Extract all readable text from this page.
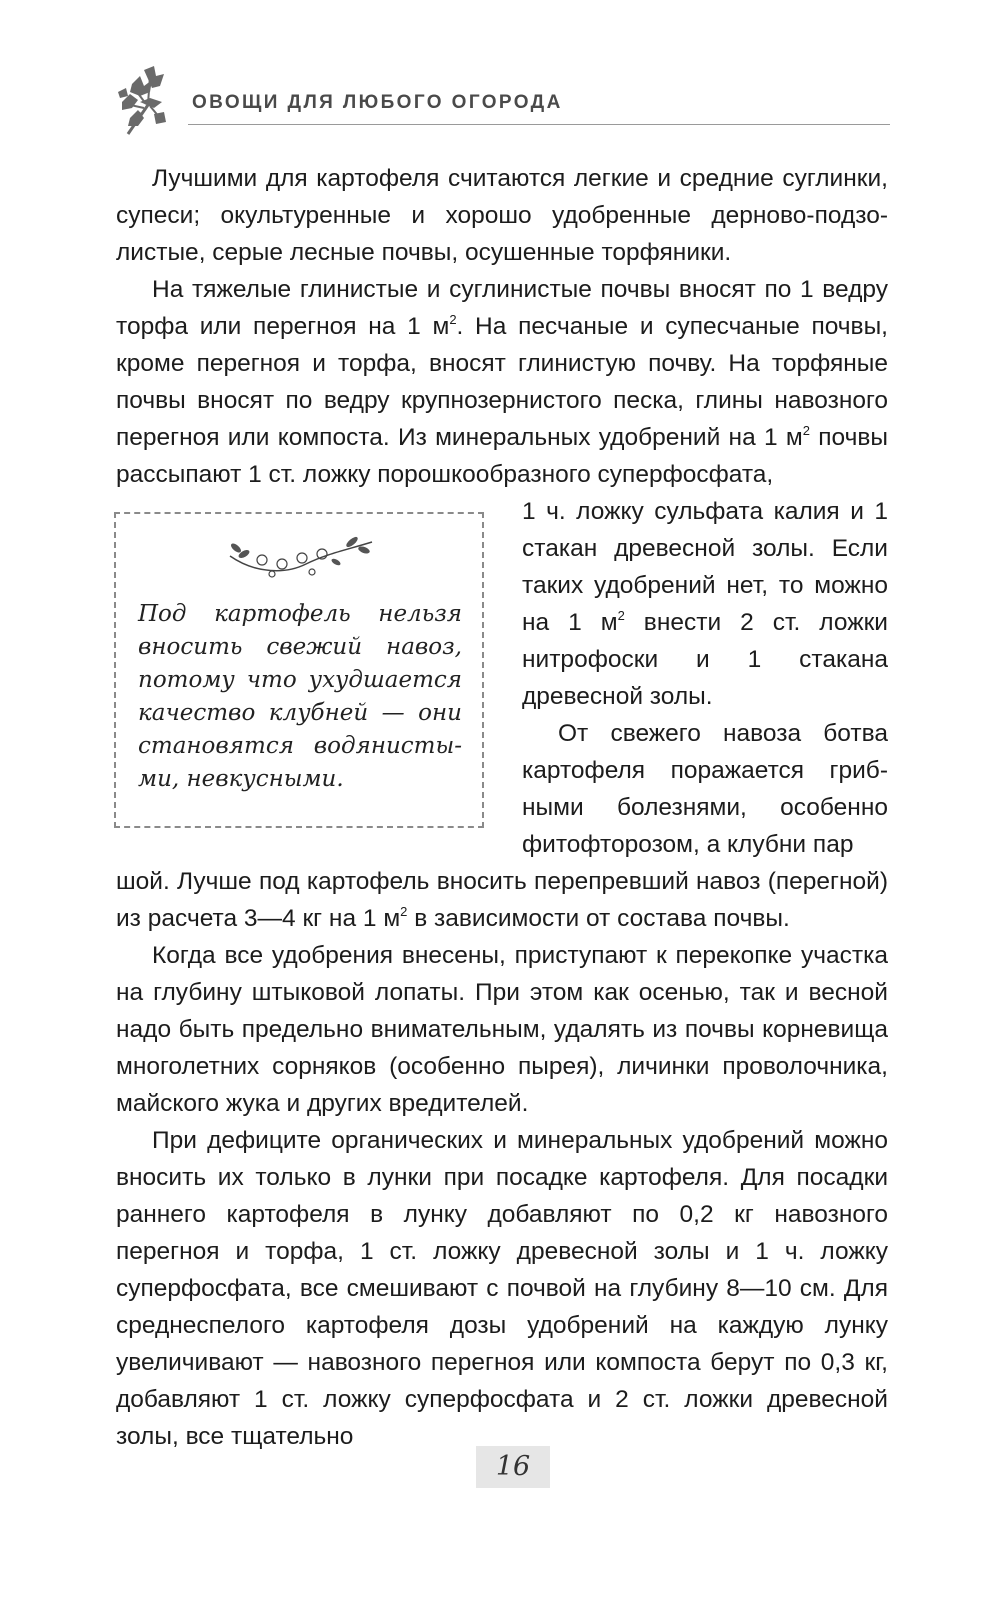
ОВОЩИ ДЛЯ ЛЮБОГО ОГОРОДА

Лучшими для картофеля считаются легкие и средние суглинки, супеси; окультуренные и хорошо удобренные дерново-подзолистые, серые лесные почвы, осушенные торфяники.

На тяжелые глинистые и суглинистые почвы вносят по 1 ведру торфа или перегноя на 1 $м^2$. На песчаные и супесчаные почвы, кроме перегноя и торфа, вносят глинистую почву. На торфяные почвы вносят по ведру крупнозернистого песка, глины навозного перегноя или компоста. Из минеральных удобрений на 1 $м^2$ почвы рассыпают 1 ст. ложку порошкообразного суперфосфата,

Под картофель нельзя вносить свежий навоз, потому что ухудшается качество клубней — они становятся водянистыми, невкусными.

1 ч. ложку сульфата калия и 1 стакан древесной золы. Если таких удобрений нет, то можно на 1 $м^2$ внести 2 ст. ложки нитрофоски и 1 стакана древесной золы.

От свежего навоза ботва картофеля поражается грибными болезнями, особенно фитофторозом, а клубни пар

шой. Лучше под картофель вносить перепревший навоз (перегной) из расчета 3—4 кг на 1 $м^2$ в зависимости от состава почвы.

Когда все удобрения внесены, приступают к перекопке участка на глубину штыковой лопаты. При этом как осенью, так и весной надо быть предельно внимательным, удалять из почвы корневища многолетних сорняков (особенно пырея), личинки проволочника, майского жука и других вредителей.

При дефиците органических и минеральных удобрений можно вносить их только в лунки при посадке картофеля. Для посадки раннего картофеля в лунку добавляют по 0,2 кг навозного перегноя и торфа, 1 ст. ложку древесной золы и 1 ч. ложку суперфосфата, все смешивают с почвой на глубину 8—10 см. Для среднеспелого картофеля дозы удобрений на каждую лунку увеличивают — навозного перегноя или компоста берут по 0,3 кг, добавляют 1 ст. ложку суперфосфата и 2 ст. ложки древесной золы, все тщательно

16
